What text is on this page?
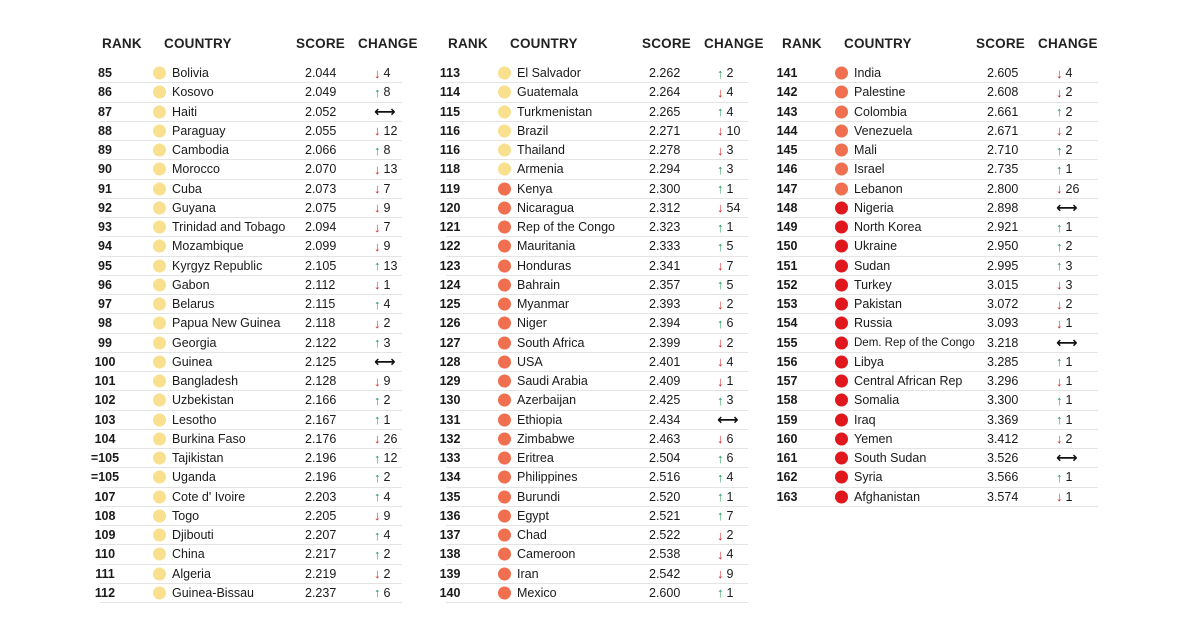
RANK COUNTRY	SCORE CHANGE
85	Bolivia	2.044	↓ 4
86	Kosovo	2.049	↑ 8
87	Haiti	2.052	⟷
88	Paraguay	2.055	↓ 12
89	Cambodia	2.066	↑ 8
90	Morocco	2.070	↓ 13
91	Cuba	2.073	↓ 7
92	Guyana	2.075	↓ 9
93	Trinidad and Tobago 2.094	↓ 7
94	Mozambique	2.099	↓ 9
95	Kyrgyz Republic	2.105	↑ 13
96	Gabon	2.112	↓ 1
97	Belarus	2.115	↑ 4
98	Papua New Guinea 2.118	↓ 2
99	Georgia	2.122	↑ 3
100	Guinea	2.125	⟷
101	Bangladesh	2.128	↓ 9
102	Uzbekistan	2.166	↑ 2
103	Lesotho	2.167	↑ 1
104	Burkina Faso	2.176	↓ 26
=105	Tajikistan	2.196	↑ 12
=105	Uganda	2.196	↑ 2
107	Cote d' Ivoire	2.203	↑ 4
108	Togo	2.205	↓ 9
109	Djibouti	2.207	↑ 4
110	China	2.217	↑ 2
111	Algeria	2.219	↓ 2
112	Guinea-Bissau	2.237	↑ 6
RANK COUNTRY	SCORE CHANGE
113	El Salvador	2.262	↑ 2
114	Guatemala	2.264	↓ 4
115	Turkmenistan	2.265	↑ 4
116	Brazil	2.271	↓ 10
116	Thailand	2.278	↓ 3
118	Armenia	2.294	↑ 3
119	Kenya	2.300	↑ 1
120	Nicaragua	2.312	↓ 54
121	Rep of the Congo	2.323	↑ 1
122	Mauritania	2.333	↑ 5
123	Honduras	2.341	↓ 7
124	Bahrain	2.357	↑ 5
125	Myanmar	2.393	↓ 2
126	Niger	2.394	↑ 6
127	South Africa	2.399	↓ 2
128	USA	2.401	↓ 4
129	Saudi Arabia	2.409	↓ 1
130	Azerbaijan	2.425	↑ 3
131	Ethiopia	2.434 ⟷
132	Zimbabwe	2.463	↓ 6
133	Eritrea	2.504	↑ 6
134	Philippines	2.516	↑ 4
135	Burundi	2.520	↑ 1
136	Egypt	2.521	↑ 7
137	Chad	2.522	↓ 2
138	Cameroon	2.538	↓ 4
139	Iran	2.542	↓ 9
140	Mexico	2.600	↑ 1
RANK COUNTRY	SCORE CHANGE
141	India	2.605	↓ 4
142	Palestine	2.608	↓ 2
143	Colombia	2.661	↑ 2
144	Venezuela	2.671	↓ 2
145	Mali	2.710	↑ 2
146	Israel	2.735	↑ 1
147	Lebanon	2.800	↓ 26
148	Nigeria	2.898	⟷
149	North Korea	2.921	↑ 1
150	Ukraine	2.950	↑ 2
151	Sudan	2.995	↑ 3
152	Turkey	3.015	↓ 3
153	Pakistan	3.072	↓ 2
154	Russia	3.093	↓ 1
155	Dem. Rep of the Congo 3.218	⟷
156	Libya	3.285	↑ 1
157	Central African Rep 3.296	↓ 1
158	Somalia	3.300	↑ 1
159	Iraq	3.369	↑ 1
160	Yemen	3.412	↓ 2
161	South Sudan	3.526	⟷
162	Syria	3.566	↑ 1
163	Afghanistan	3.574	↓ 1
